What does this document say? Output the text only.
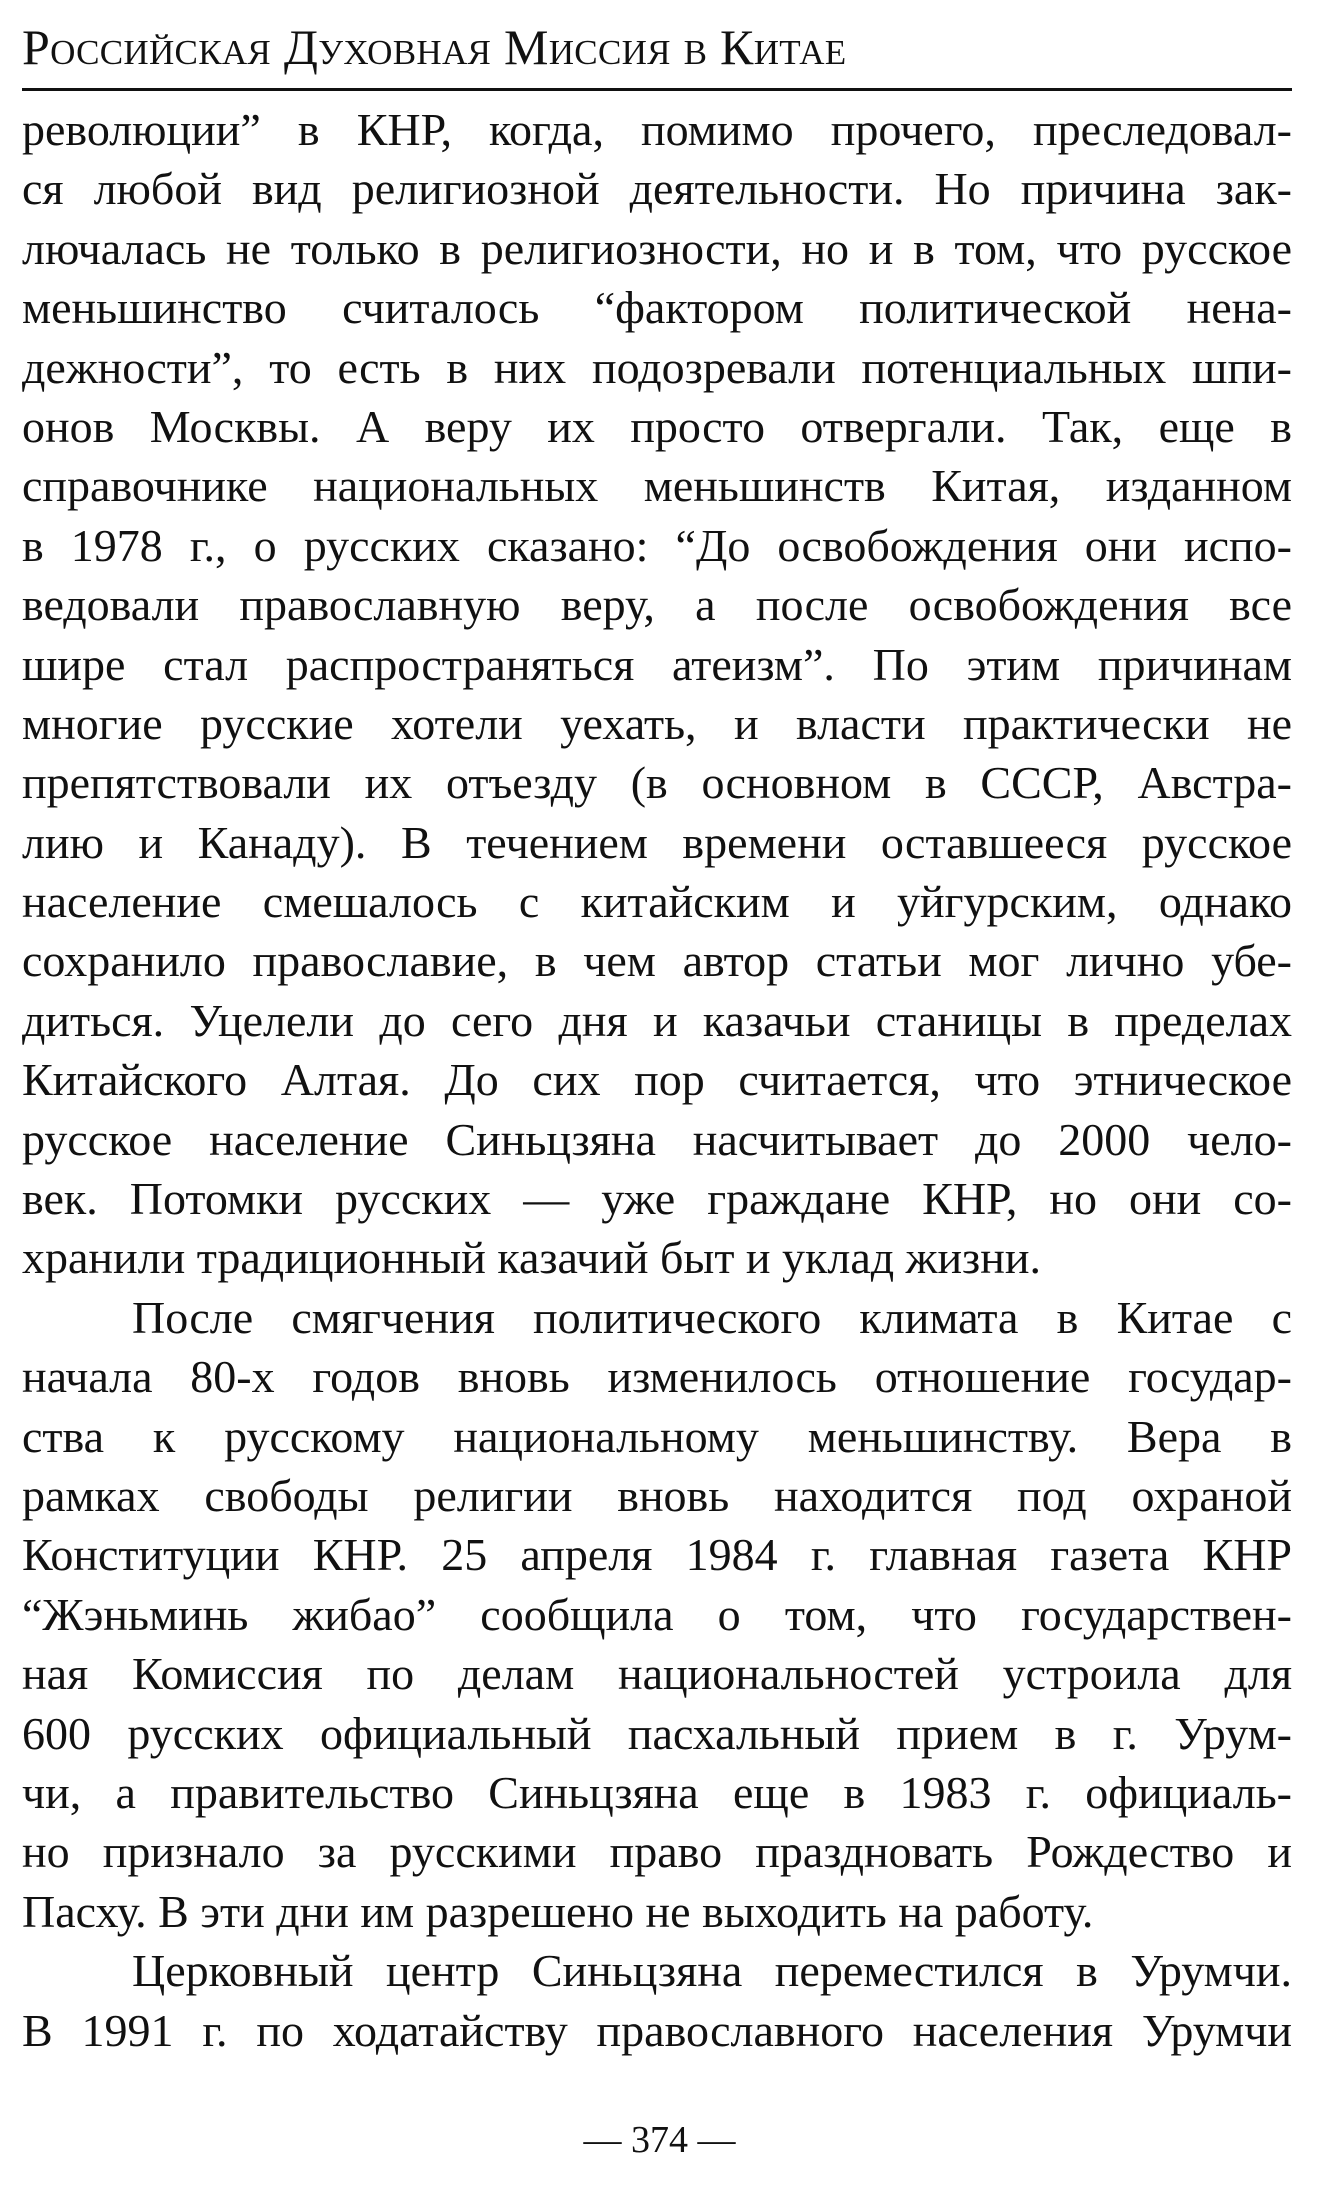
Российская Духовная Миссия в Китае
революции” в КНР, когда, помимо прочего, преследовал-
ся любой вид религиозной деятельности. Но причина зак-
лючалась не только в религиозности, но и в том, что русское
меньшинство считалось “фактором политической нена-
дежности”, то есть в них подозревали потенциальных шпи-
онов Москвы. А веру их просто отвергали. Так, еще в
справочнике национальных меньшинств Китая, изданном
в 1978 г., о русских сказано: “До освобождения они испо-
ведовали православную веру, а после освобождения все
шире стал распространяться атеизм”. По этим причинам
многие русские хотели уехать, и власти практически не
препятствовали их отъезду (в основном в СССР, Австра-
лию и Канаду). В течением времени оставшееся русское
население смешалось с китайским и уйгурским, однако
сохранило православие, в чем автор статьи мог лично убе-
диться. Уцелели до сего дня и казачьи станицы в пределах
Китайского Алтая. До сих пор считается, что этническое
русское население Синьцзяна насчитывает до 2000 чело-
век. Потомки русских — уже граждане КНР, но они со-
хранили традиционный казачий быт и уклад жизни.
После смягчения политического климата в Китае с
начала 80-х годов вновь изменилось отношение государ-
ства к русскому национальному меньшинству. Вера в
рамках свободы религии вновь находится под охраной
Конституции КНР. 25 апреля 1984 г. главная газета КНР
“Жэньминь жибао” сообщила о том, что государствен-
ная Комиссия по делам национальностей устроила для
600 русских официальный пасхальный прием в г. Урум-
чи, а правительство Синьцзяна еще в 1983 г. официаль-
но признало за русскими право праздновать Рождество и
Пасху. В эти дни им разрешено не выходить на работу.
Церковный центр Синьцзяна переместился в Урумчи.
В 1991 г. по ходатайству православного населения Урумчи
— 374 —
